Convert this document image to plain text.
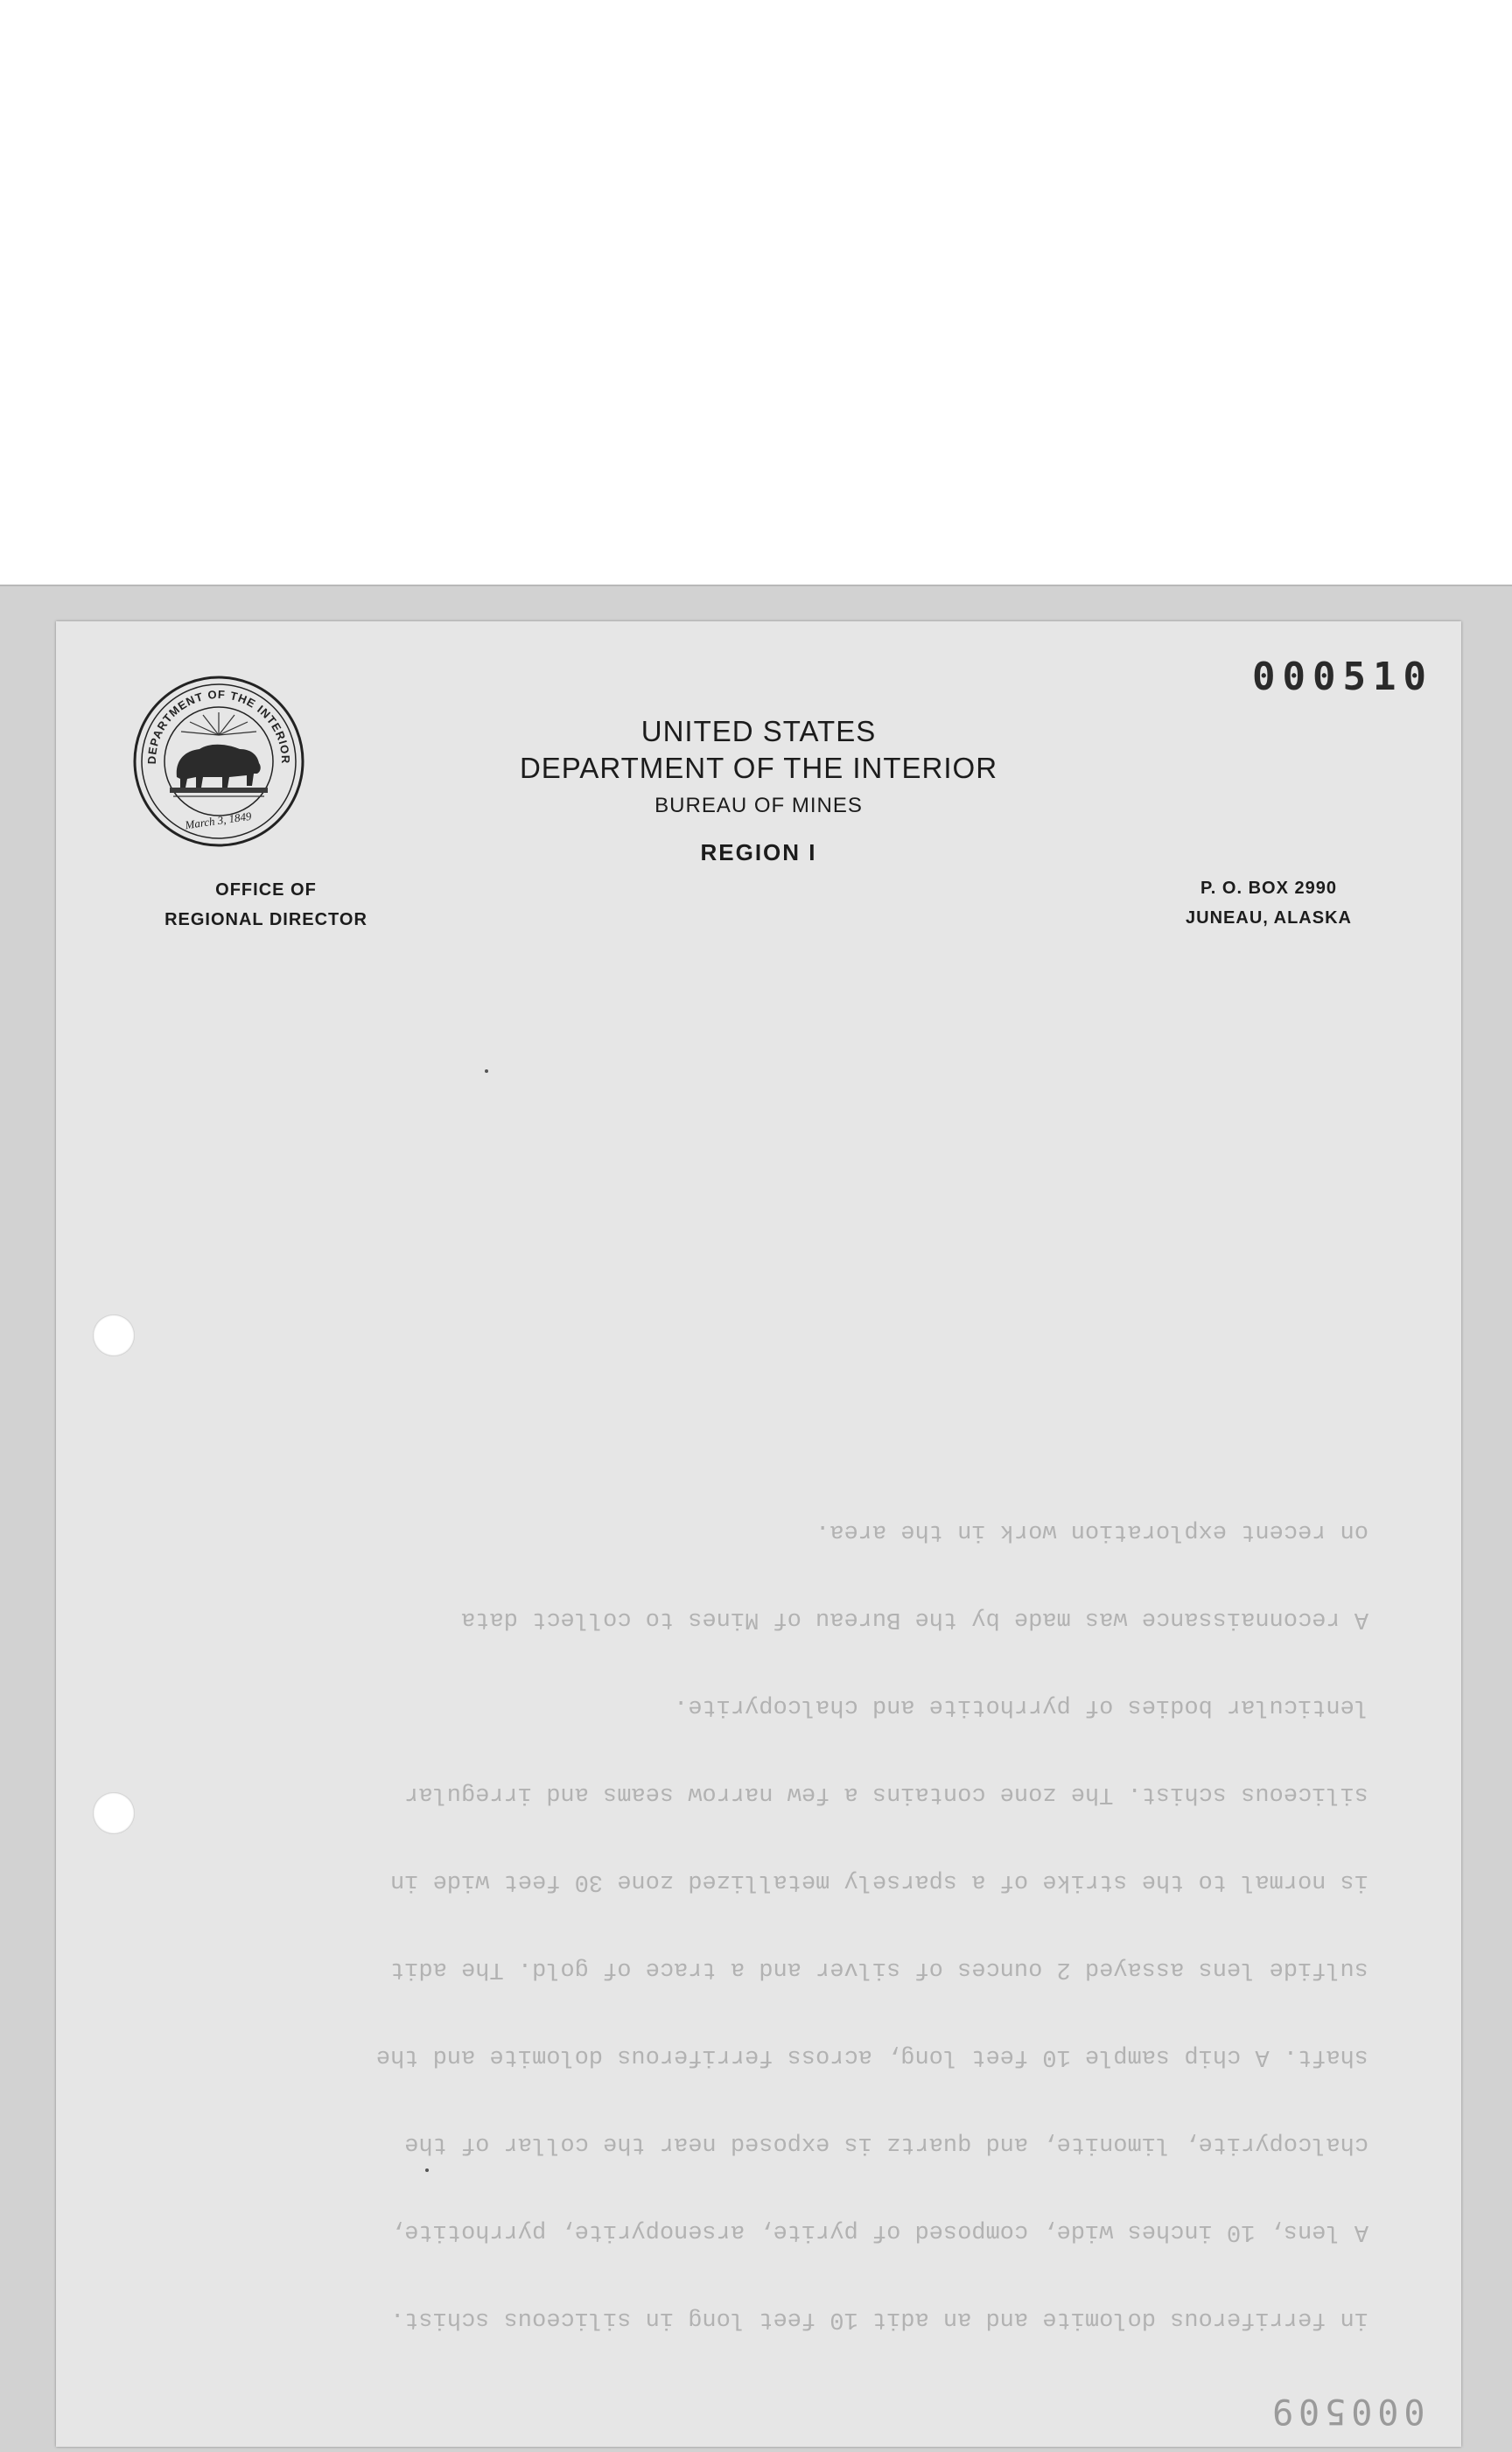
000510
DEPARTMENT OF THE INTERIOR
March 3, 1849
UNITED STATES
DEPARTMENT OF THE INTERIOR
BUREAU OF MINES
REGION I
OFFICE OF
REGIONAL DIRECTOR
P. O. BOX 2990
JUNEAU, ALASKA
in ferriferous dolomite and an adit 10 feet long in siliceous schist.
A lens, 10 inches wide, composed of pyrite, arsenopyrite, pyrrhotite,
chalcopyrite, limonite, and quartz is exposed near the collar of the
shaft. A chip sample 10 feet long, across ferriferous dolomite and the
sulfide lens assayed 2 ounces of silver and a trace of gold. The adit
is normal to the strike of a sparsely metallized zone 30 feet wide in
siliceous schist. The zone contains a few narrow seams and irregular
lenticular bodies of pyrrhotite and chalcopyrite.
A reconnaissance was made by the Bureau of Mines to collect data
on recent exploration work in the area.
000509
